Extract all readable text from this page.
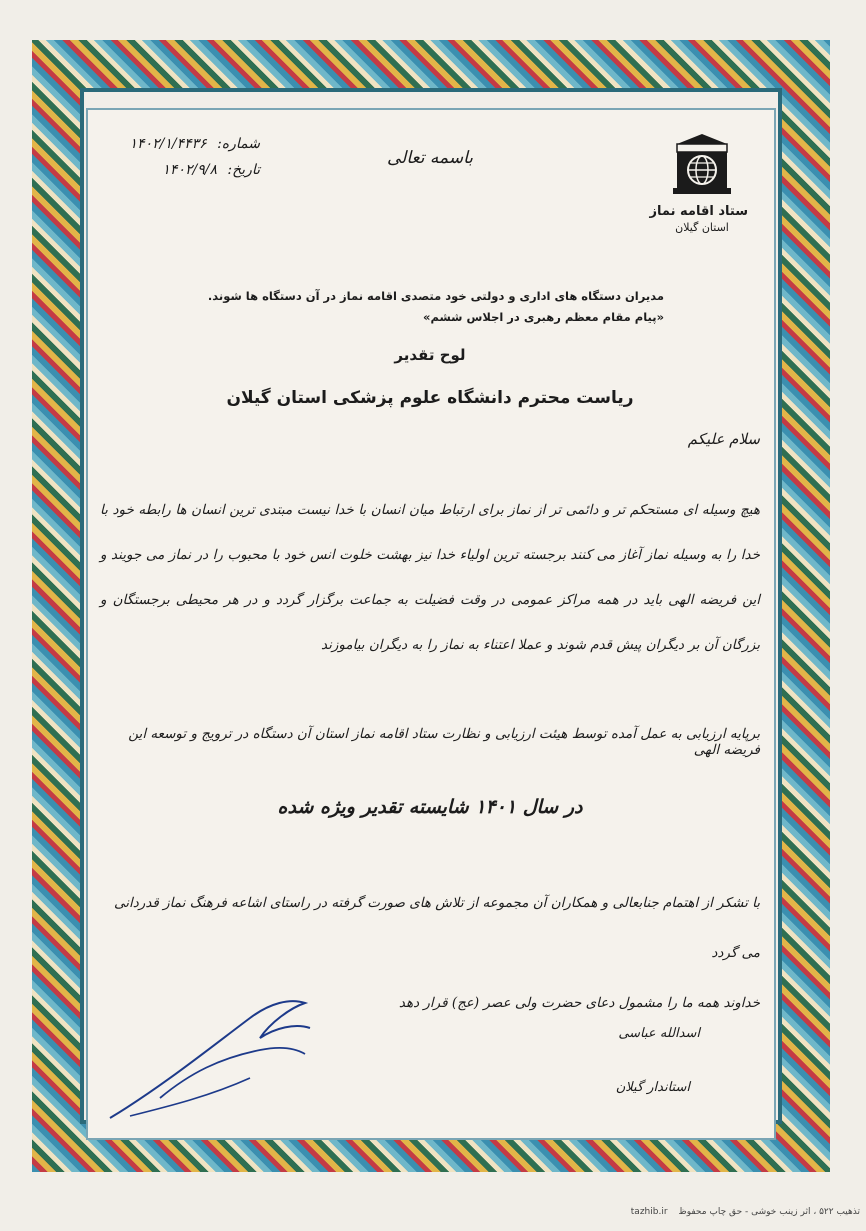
ستاد اقامه نماز
استان گیلان
باسمه تعالی
شماره: ۱۴۰۲/۱/۴۴۳۶
تاریخ: ۱۴۰۲/۹/۸
مدیران دستگاه های اداری و دولتی خود متصدی اقامه نماز در آن دستگاه ها شوند.
«پیام مقام معظم رهبری در اجلاس ششم»
لوح تقدیر
ریاست محترم دانشگاه علوم پزشکی استان گیلان
سلام علیکم
هیچ وسیله ای مستحکم تر و دائمی تر از نماز برای ارتباط میان انسان با خدا نیست مبتدی ترین انسان ها رابطه خود با خدا را به وسیله نماز آغاز می کنند برجسته ترین اولیاء خدا نیز بهشت خلوت انس خود با محبوب را در نماز می جویند و این فریضه الهی باید در همه مراکز عمومی در وقت فضیلت به جماعت برگزار گردد و در هر محیطی برجستگان و بزرگان آن بر دیگران پیش قدم شوند و عملا اعتناء به نماز را به دیگران بیاموزند
برپایه ارزیابی به عمل آمده توسط هیئت ارزیابی و نظارت ستاد اقامه نماز استان آن دستگاه در ترویج و توسعه این فریضه الهی
در سال ۱۴۰۱ شایسته تقدیر ویژه شده
با تشکر از اهتمام جنابعالی و همکاران آن مجموعه از تلاش های صورت گرفته در راستای اشاعه فرهنگ نماز قدردانی می گردد
خداوند همه ما را مشمول دعای حضرت ولی عصر (عج) قرار دهد
اسدالله عباسی
استاندار گیلان
تذهیب ۵۲۲ ، اثر زینب خوشی - حق چاپ محفوظ tazhib.ir
